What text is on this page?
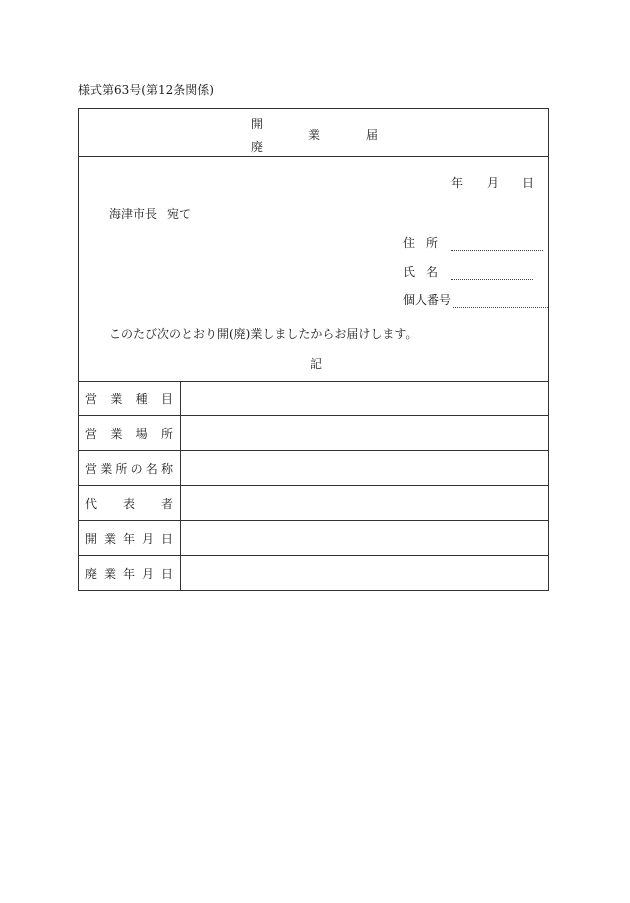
様式第63号(第12条関係)
開
廃
業	届
年 月 日
海津市長 宛て
住所
氏名
個人番号
このたび次のとおり開(廃)業しましたからお届けします。
記
営 業 種 目
営 業 場 所
営 業 所 の 名 称
代 表 者
開 業 年 月 日
廃 業 年 月 日
